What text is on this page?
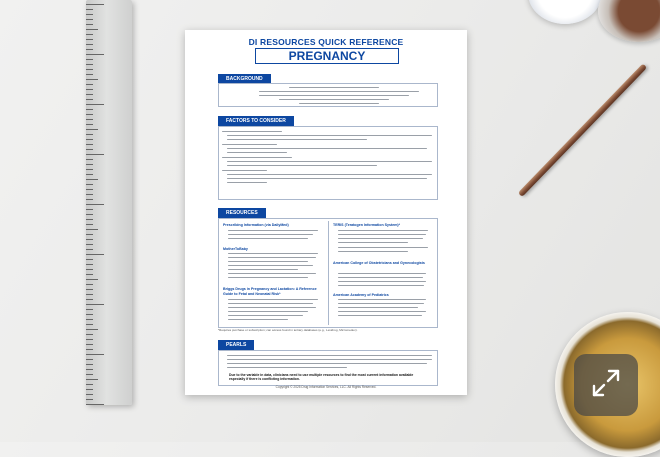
DI RESOURCES QUICK REFERENCE
PREGNANCY
BACKGROUND
FACTORS TO CONSIDER
RESOURCES
Prescribing Information (via DailyMed)
MotherToBaby
Briggs Drugs in Pregnancy and Lactation: A Reference Guide to Fetal and Neonatal Risk*
TERIS (Teratogen Information System)*
American College of Obstetricians and Gynecologists
American Academy of Pediatrics
*Requires purchase or subscription; can access found in tertiary databases (e.g., Lexidrug, Micromedex).
PEARLS
Due to the variable in data, clinicians need to use multiple resources to find the most current information available especially if there is conflicting information.
Copyright © 2025 Drug Information Services, LLC. All Rights Reserved.
